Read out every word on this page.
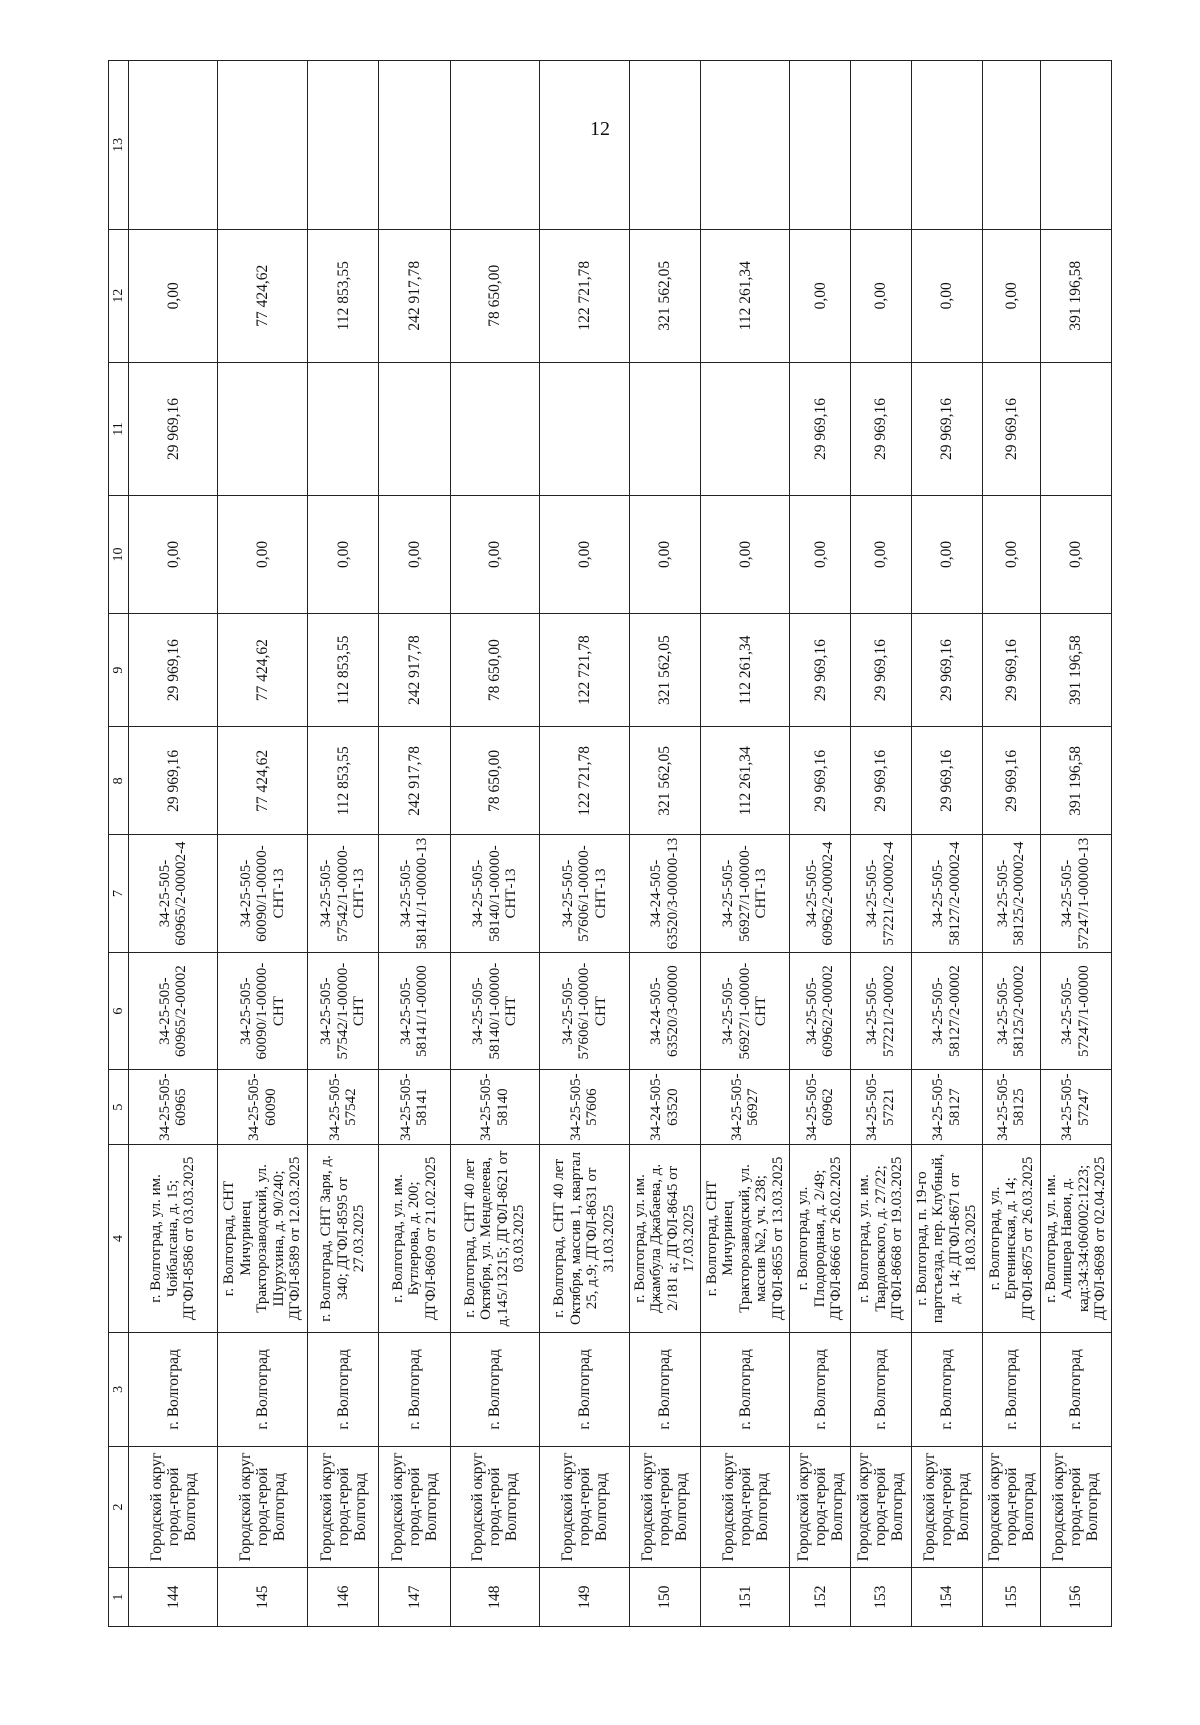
12
1	2	3	4	5	6	7	8	9	10	11	12	13
144	Городской округ город-герой Волгоград	г. Волгоград	г. Волгоград, ул. им. Чойбалсана, д. 15; ДГФЛ-8586 от 03.03.2025	34-25-505-60965	34-25-505-60965/2-00002	34-25-505-60965/2-00002-4	29 969,16	29 969,16	0,00	29 969,16	0,00	
145	Городской округ город-герой Волгоград	г. Волгоград	г. Волгоград, СНТ Мичуринец Тракторозаводский, ул. Шурухина, д. 90/240; ДГФЛ-8589 от 12.03.2025	34-25-505-60090	34-25-505-60090/1-00000-СНТ	34-25-505-60090/1-00000-СНТ-13	77 424,62	77 424,62	0,00		77 424,62	
146	Городской округ город-герой Волгоград	г. Волгоград	г. Волгоград, СНТ Заря, д. 340; ДГФЛ-8595 от 27.03.2025	34-25-505-57542	34-25-505-57542/1-00000-СНТ	34-25-505-57542/1-00000-СНТ-13	112 853,55	112 853,55	0,00		112 853,55	
147	Городской округ город-герой Волгоград	г. Волгоград	г. Волгоград, ул. им. Бутлерова, д. 200; ДГФЛ-8609 от 21.02.2025	34-25-505-58141	34-25-505-58141/1-00000	34-25-505-58141/1-00000-13	242 917,78	242 917,78	0,00		242 917,78	
148	Городской округ город-герой Волгоград	г. Волгоград	г. Волгоград, СНТ 40 лет Октября, ул. Менделеева, д.145/13215; ДГФЛ-8621 от 03.03.2025	34-25-505-58140	34-25-505-58140/1-00000-СНТ	34-25-505-58140/1-00000-СНТ-13	78 650,00	78 650,00	0,00		78 650,00	
149	Городской округ город-герой Волгоград	г. Волгоград	г. Волгоград, СНТ 40 лет Октября, массив 1, квартал 25, д.9; ДГФЛ-8631 от 31.03.2025	34-25-505-57606	34-25-505-57606/1-00000-СНТ	34-25-505-57606/1-00000-СНТ-13	122 721,78	122 721,78	0,00		122 721,78	
150	Городской округ город-герой Волгоград	г. Волгоград	г. Волгоград, ул. им. Джамбула Джабаева, д. 2/181 а; ДГФЛ-8645 от 17.03.2025	34-24-505-63520	34-24-505-63520/3-00000	34-24-505-63520/3-00000-13	321 562,05	321 562,05	0,00		321 562,05	
151	Городской округ город-герой Волгоград	г. Волгоград	г. Волгоград, СНТ Мичуринец Тракторозаводский, ул. массив №2, уч. 238; ДГФЛ-8655 от 13.03.2025	34-25-505-56927	34-25-505-56927/1-00000-СНТ	34-25-505-56927/1-00000-СНТ-13	112 261,34	112 261,34	0,00		112 261,34	
152	Городской округ город-герой Волгоград	г. Волгоград	г. Волгоград, ул. Плодородная, д. 2/49; ДГФЛ-8666 от 26.02.2025	34-25-505-60962	34-25-505-60962/2-00002	34-25-505-60962/2-00002-4	29 969,16	29 969,16	0,00	29 969,16	0,00	
153	Городской округ город-герой Волгоград	г. Волгоград	г. Волгоград, ул. им. Твардовского, д. 27/22; ДГФЛ-8668 от 19.03.2025	34-25-505-57221	34-25-505-57221/2-00002	34-25-505-57221/2-00002-4	29 969,16	29 969,16	0,00	29 969,16	0,00	
154	Городской округ город-герой Волгоград	г. Волгоград	г. Волгоград, п. 19-го партсъезда, пер. Клубный, д. 14; ДГФЛ-8671 от 18.03.2025	34-25-505-58127	34-25-505-58127/2-00002	34-25-505-58127/2-00002-4	29 969,16	29 969,16	0,00	29 969,16	0,00	
155	Городской округ город-герой Волгоград	г. Волгоград	г. Волгоград, ул. Ергенинская, д. 14; ДГФЛ-8675 от 26.03.2025	34-25-505-58125	34-25-505-58125/2-00002	34-25-505-58125/2-00002-4	29 969,16	29 969,16	0,00	29 969,16	0,00	
156	Городской округ город-герой Волгоград	г. Волгоград	г. Волгоград, ул. им. Алишера Навои, д. кад:34:34:060002:1223; ДГФЛ-8698 от 02.04.2025	34-25-505-57247	34-25-505-57247/1-00000	34-25-505-57247/1-00000-13	391 196,58	391 196,58	0,00		391 196,58	
